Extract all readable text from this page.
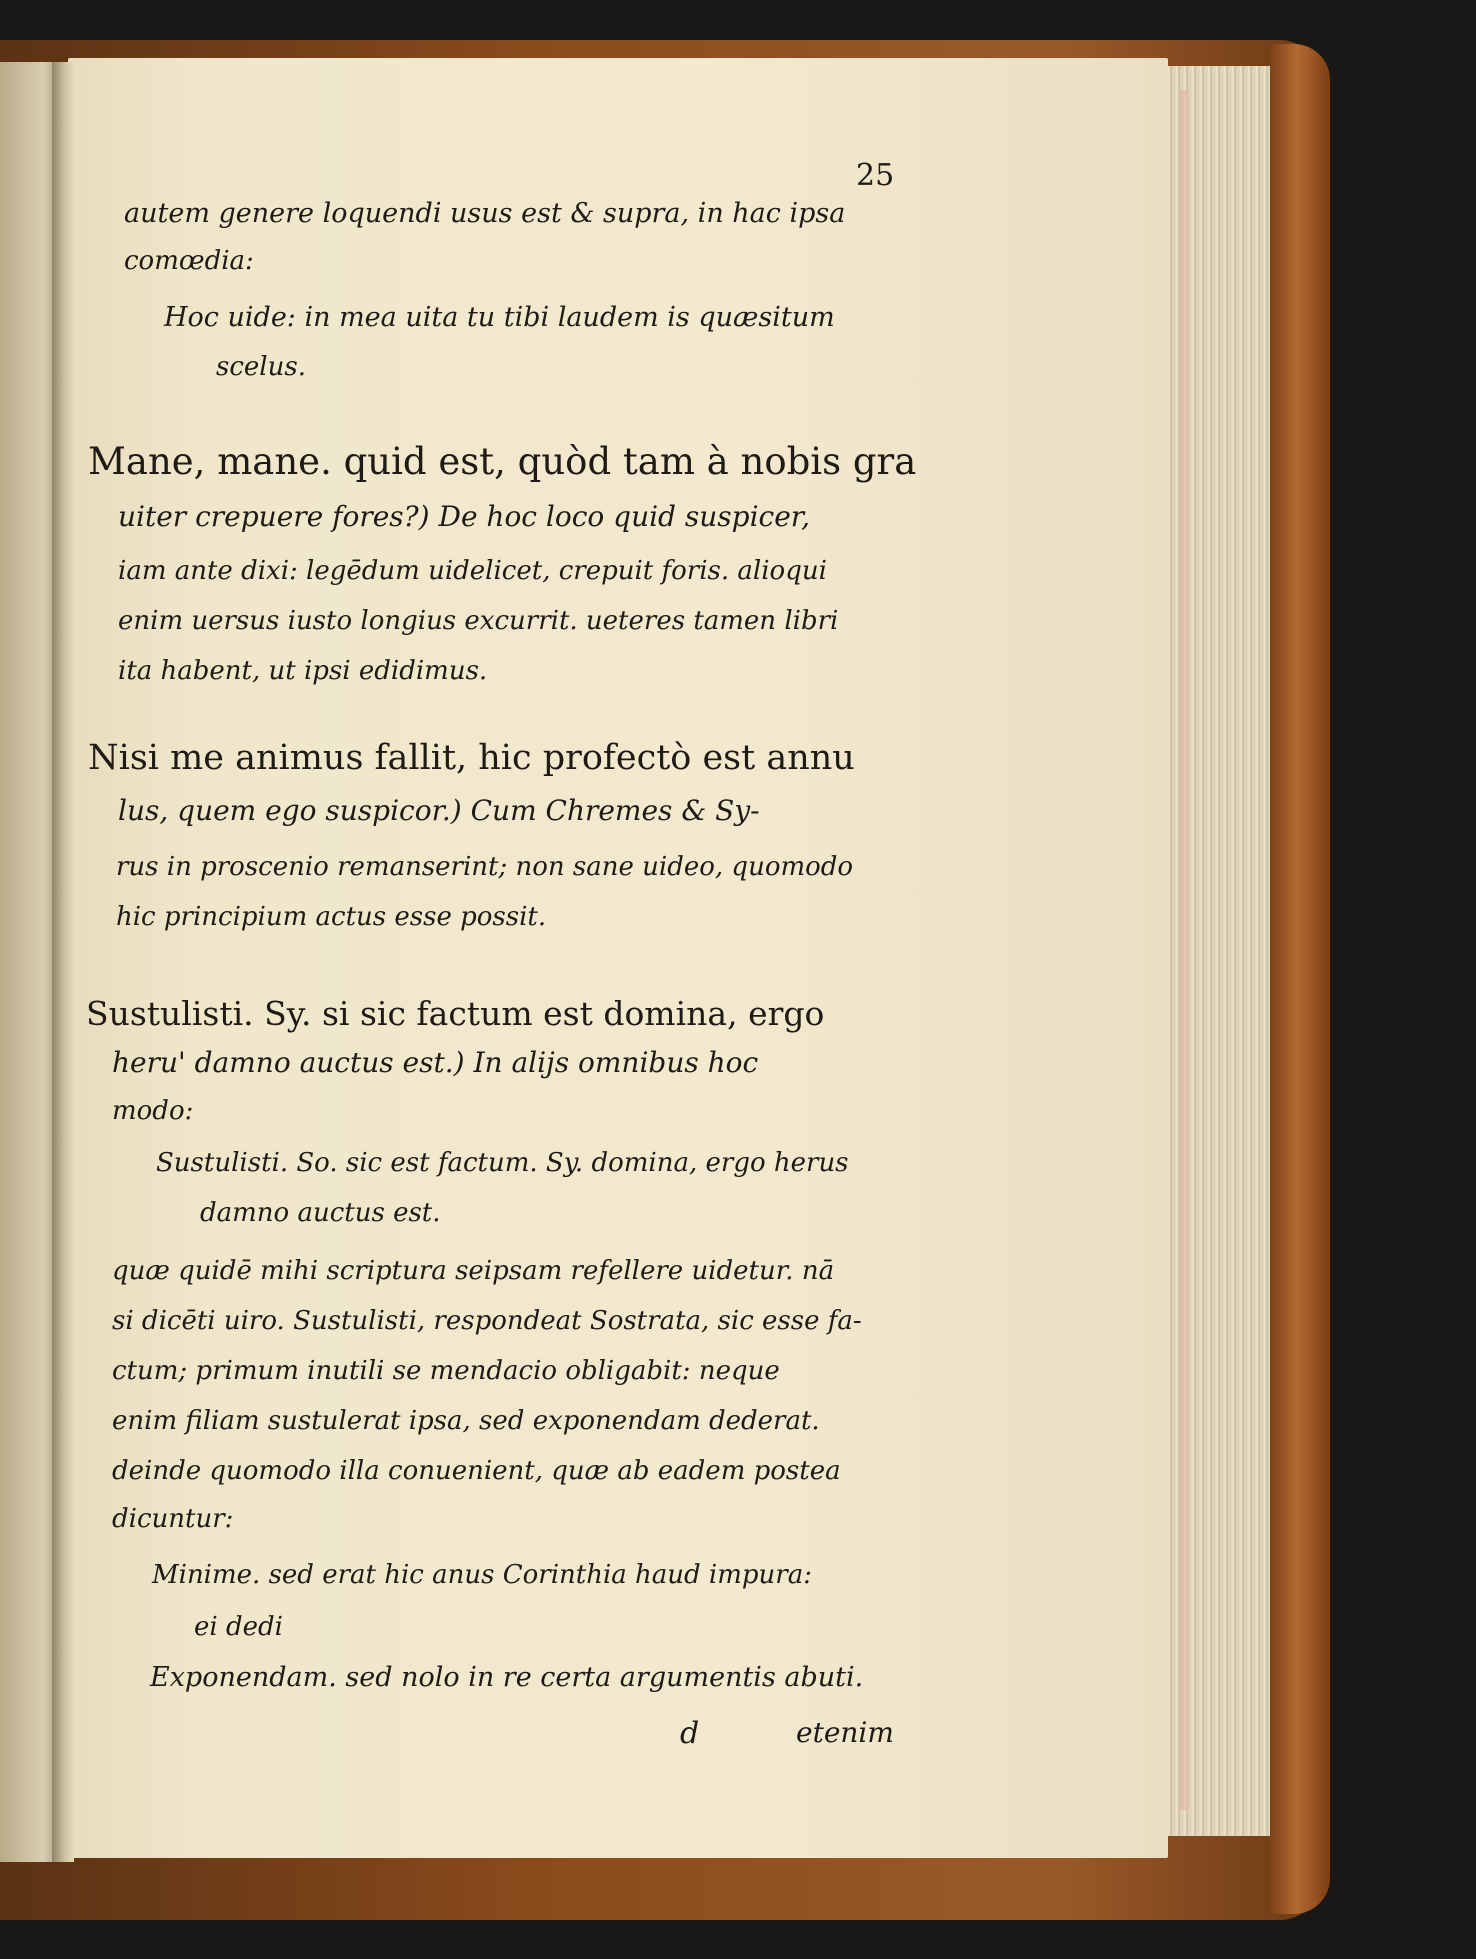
25
autem genere loquendi usus est & supra, in hac ipsa
comœdia:
Hoc uide: in mea uita tu tibi laudem is quæsitum
scelus.
Mane, mane. quid est, quòd tam à nobis gra
uiter crepuere fores?) De hoc loco quid suspicer,
iam ante dixi: legēdum uidelicet, crepuit foris. alioqui
enim uersus iusto longius excurrit. ueteres tamen libri
ita habent, ut ipsi edidimus.
Nisi me animus fallit, hic profectò est annu
lus, quem ego suspicor.) Cum Chremes & Sy-
rus in proscenio remanserint; non sane uideo, quomodo
hic principium actus esse possit.
Sustulisti. Sy. si sic factum est domina, ergo
heru' damno auctus est.) In alijs omnibus hoc
modo:
Sustulisti. So. sic est factum. Sy. domina, ergo herus
damno auctus est.
quæ quidē mihi scriptura seipsam refellere uidetur. nā
si dicēti uiro. Sustulisti, respondeat Sostrata, sic esse fa-
ctum; primum inutili se mendacio obligabit: neque
enim filiam sustulerat ipsa, sed exponendam dederat.
deinde quomodo illa conuenient, quæ ab eadem postea
dicuntur:
Minime. sed erat hic anus Corinthia haud impura:
ei dedi
Exponendam. sed nolo in re certa argumentis abuti.
d	etenim
